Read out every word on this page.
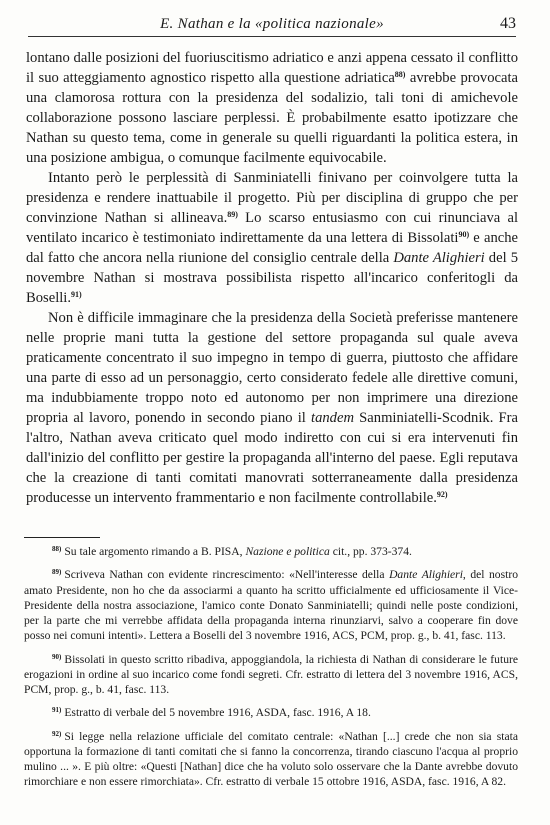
E. Nathan e la «politica nazionale»	43

lontano dalle posizioni del fuoriuscitismo adriatico e anzi appena cessato il conflitto il suo atteggiamento agnostico rispetto alla questione adriatica$^{88)}$ avrebbe provocata una clamorosa rottura con la presidenza del sodalizio, tali toni di amichevole collaborazione possono lasciare perplessi. È probabilmente esatto ipotizzare che Nathan su questo tema, come in generale su quelli riguardanti la politica estera, in una posizione ambigua, o comunque facilmente equivocabile.

Intanto però le perplessità di Sanminiatelli finivano per coinvolgere tutta la presidenza e rendere inattuabile il progetto. Più per disciplina di gruppo che per convinzione Nathan si allineava.$^{89)}$ Lo scarso entusiasmo con cui rinunciava al ventilato incarico è testimoniato indirettamente da una lettera di Bissolati$^{90)}$ e anche dal fatto che ancora nella riunione del consiglio centrale della Dante Alighieri del 5 novembre Nathan si mostrava possibilista rispetto all'incarico conferitogli da Boselli.$^{91)}$

Non è difficile immaginare che la presidenza della Società preferisse mantenere nelle proprie mani tutta la gestione del settore propaganda sul quale aveva praticamente concentrato il suo impegno in tempo di guerra, piuttosto che affidare una parte di esso ad un personaggio, certo considerato fedele alle direttive comuni, ma indubbiamente troppo noto ed autonomo per non imprimere una direzione propria al lavoro, ponendo in secondo piano il tandem Sanminiatelli-Scodnik. Fra l'altro, Nathan aveva criticato quel modo indiretto con cui si era intervenuti fin dall'inizio del conflitto per gestire la propaganda all'interno del paese. Egli reputava che la creazione di tanti comitati manovrati sotterraneamente dalla presidenza producesse un intervento frammentario e non facilmente controllabile.$^{92)}$

$^{88)}$ Su tale argomento rimando a B. PISA, Nazione e politica cit., pp. 373-374.

$^{89)}$ Scriveva Nathan con evidente rincrescimento: «Nell'interesse della Dante Alighieri, del nostro amato Presidente, non ho che da associarmi a quanto ha scritto ufficialmente ed ufficiosamente il Vice-Presidente della nostra associazione, l'amico conte Donato Sanminiatelli; quindi nelle poste condizioni, per la parte che mi verrebbe affidata della propaganda interna rinunziarvi, salvo a cooperare fin dove posso nei comuni intenti». Lettera a Boselli del 3 novembre 1916, ACS, PCM, prop. g., b. 41, fasc. 113.

$^{90)}$ Bissolati in questo scritto ribadiva, appoggiandola, la richiesta di Nathan di considerare le future erogazioni in ordine al suo incarico come fondi segreti. Cfr. estratto di lettera del 3 novembre 1916, ACS, PCM, prop. g., b. 41, fasc. 113.

$^{91)}$ Estratto di verbale del 5 novembre 1916, ASDA, fasc. 1916, A 18.

$^{92)}$ Si legge nella relazione ufficiale del comitato centrale: «Nathan [...] crede che non sia stata opportuna la formazione di tanti comitati che si fanno la concorrenza, tirando ciascuno l'acqua al proprio mulino ... ». E più oltre: «Questi [Nathan] dice che ha voluto solo osservare che la Dante avrebbe dovuto rimorchiare e non essere rimorchiata». Cfr. estratto di verbale 15 ottobre 1916, ASDA, fasc. 1916, A 82.
